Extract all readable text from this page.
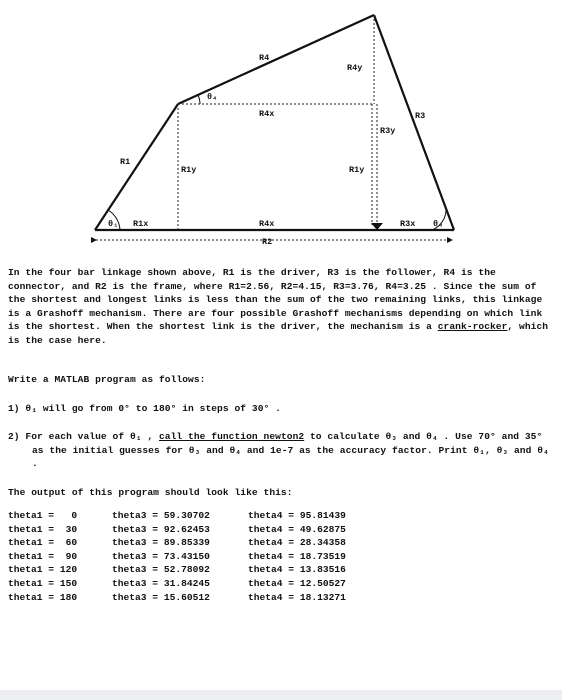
R4
R4y
θ₄
R4x	R3
R3y
R1
R1y	R1y
θ₁ R1x	R4x	R3x θ₃
R2
In the four bar linkage shown above, R1 is the driver, R3 is the follower, R4 is the connector, and R2 is the frame, where R1=2.56, R2=4.15, R3=3.76, R4=3.25 . Since the sum of the shortest and longest links is less than the sum of the two remaining links, this linkage is a Grashoff mechanism. There are four possible Grashoff mechanisms depending on which link is the shortest. When the shortest link is the driver, the mechanism is a crank-rocker, which is the case here.
Write a MATLAB program as follows:
1) θ₁ will go from 0° to 180° in steps of 30° .
2) For each value of θ₁ , call the function newton2 to calculate θ₃ and θ₄ . Use 70° and 35° as the initial guesses for θ₃ and θ₄ and 1e-7 as the accuracy factor. Print θ₁, θ₃ and θ₄ .
The output of this program should look like this:
theta1 =   0	theta3 = 59.30702	theta4 = 95.81439
theta1 =  30	theta3 = 92.62453	theta4 = 49.62875
theta1 =  60	theta3 = 89.85339	theta4 = 28.34358
theta1 =  90	theta3 = 73.43150	theta4 = 18.73519
theta1 = 120	theta3 = 52.78092	theta4 = 13.83516
theta1 = 150	theta3 = 31.84245	theta4 = 12.50527
theta1 = 180	theta3 = 15.60512	theta4 = 18.13271
